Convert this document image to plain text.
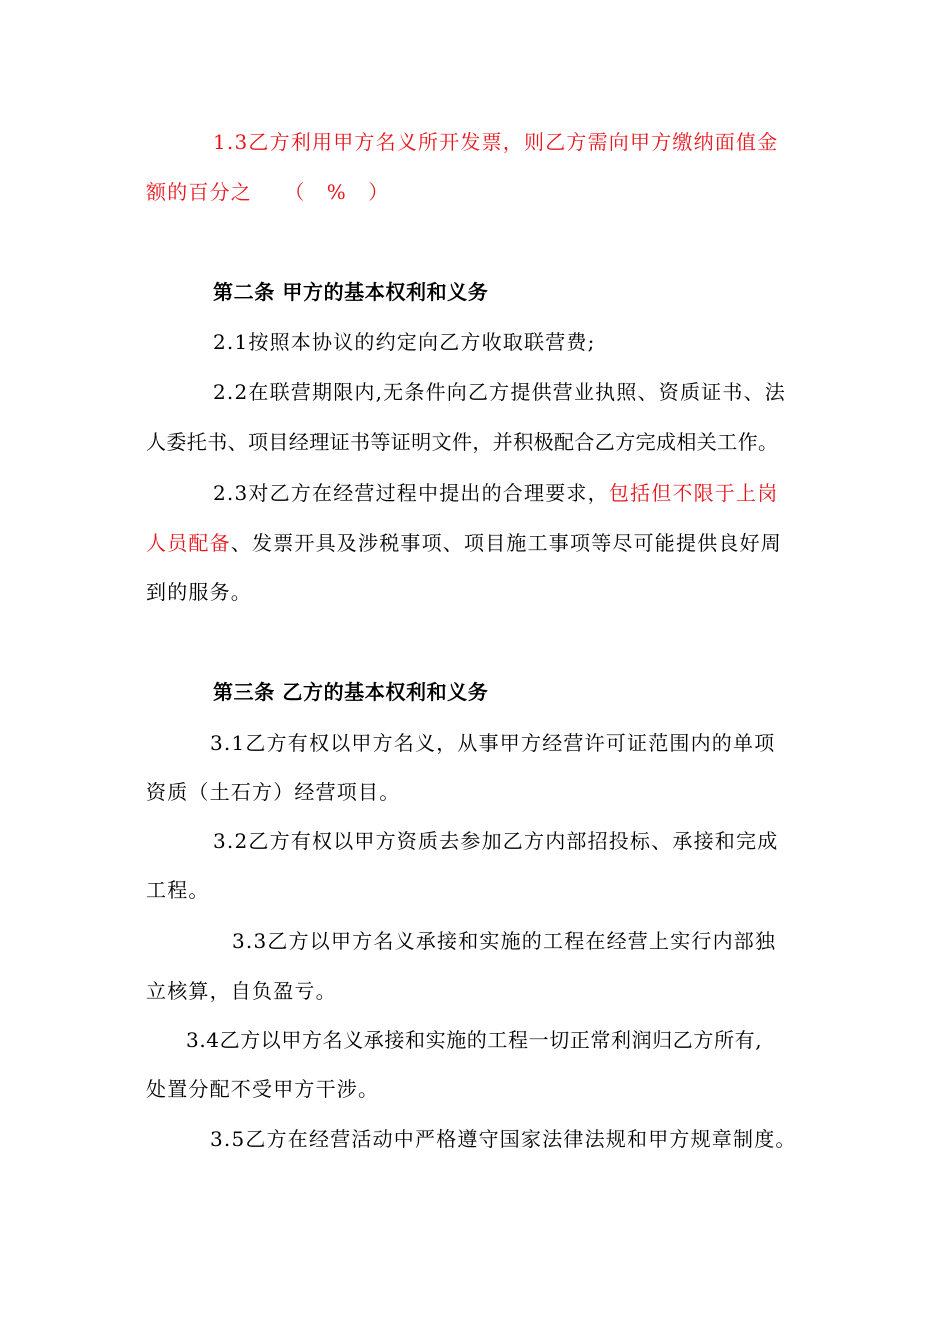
1.3乙方利用甲方名义所开发票，则乙方需向甲方缴纳面值金
额的百分之　　（　%　）
第二条 甲方的基本权利和义务
2.1按照本协议的约定向乙方收取联营费;
2.2在联营期限内,无条件向乙方提供营业执照、资质证书、法
人委托书、项目经理证书等证明文件，并积极配合乙方完成相关工作。
2.3对乙方在经营过程中提出的合理要求，包括但不限于上岗
人员配备、发票开具及涉税事项、项目施工事项等尽可能提供良好周
到的服务。
第三条 乙方的基本权利和义务
3.1乙方有权以甲方名义，从事甲方经营许可证范围内的单项
资质（土石方）经营项目。
3.2乙方有权以甲方资质去参加乙方内部招投标、承接和完成
工程。
3.3乙方以甲方名义承接和实施的工程在经营上实行内部独
立核算，自负盈亏。
3.4乙方以甲方名义承接和实施的工程一切正常利润归乙方所有,
处置分配不受甲方干涉。
3.5乙方在经营活动中严格遵守国家法律法规和甲方规章制度。
